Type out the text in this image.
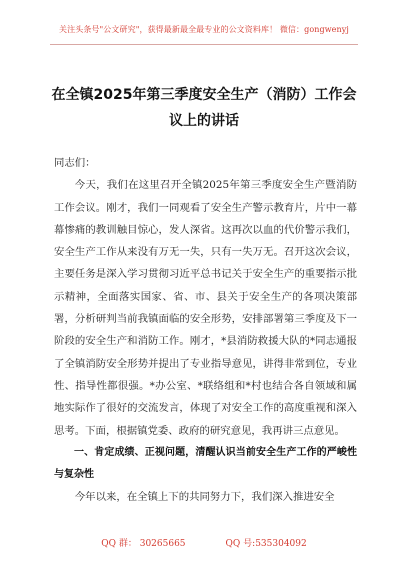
关注头条号"公文研究"，获得最新最全最专业的公文资料库！ 微信：gongwenyj
在全镇2025年第三季度安全生产（消防）工作会议上的讲话

同志们：

今天，我们在这里召开全镇2025年第三季度安全生产暨消防工作会议。刚才，我们一同观看了安全生产警示教育片，片中一幕幕惨痛的教训触目惊心，发人深省。这再次以血的代价警示我们，安全生产工作从来没有万无一失，只有一失万无。召开这次会议，主要任务是深入学习贯彻习近平总书记关于安全生产的重要指示批示精神，全面落实国家、省、市、县关于安全生产的各项决策部署，分析研判当前我镇面临的安全形势，安排部署第三季度及下一阶段的安全生产和消防工作。刚才，*县消防救援大队的*同志通报了全镇消防安全形势并提出了专业指导意见，讲得非常到位，专业性、指导性都很强。*办公室、*联络组和*村也结合各自领域和属地实际作了很好的交流发言，体现了对安全工作的高度重视和深入思考。下面，根据镇党委、政府的研究意见，我再讲三点意见。

一、肯定成绩、正视问题，清醒认识当前安全生产工作的严峻性与复杂性

今年以来，在全镇上下的共同努力下，我们深入推进安全

QQ 群： 30265665	QQ 号:535304092
